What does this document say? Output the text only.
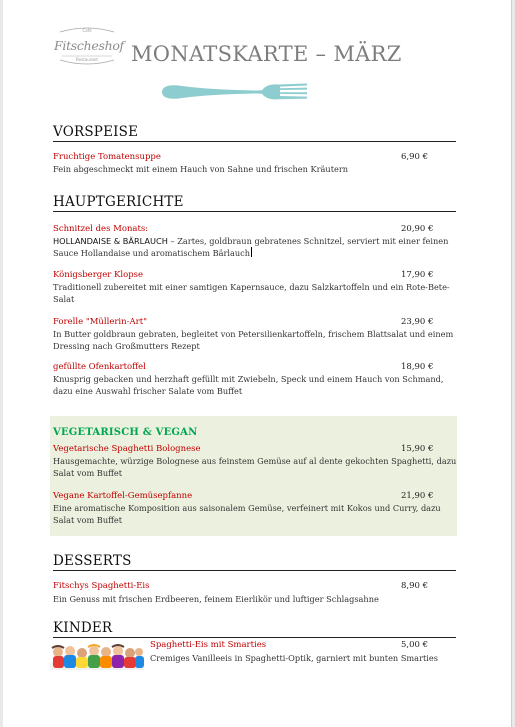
Café
Fitscheshof
Restaurant	MONATSKARTE – MÄRZ
VORSPEISE
Fruchtige Tomatensuppe	6,90 €
Fein abgeschmeckt mit einem Hauch von Sahne und frischen Kräutern
HAUPTGERICHTE
Schnitzel des Monats:	20,90 €
HOLLANDAISE & BÄRLAUCH – Zartes, goldbraun gebratenes Schnitzel, serviert mit einer feinen Sauce Hollandaise und aromatischem Bärlauch
Königsberger Klopse	17,90 €
Traditionell zubereitet mit einer samtigen Kapernsauce, dazu Salzkartoffeln und ein Rote-Bete-Salat
Forelle "Müllerin-Art"	23,90 €
In Butter goldbraun gebraten, begleitet von Petersilienkartoffeln, frischem Blattsalat und einem Dressing nach Großmutters Rezept
gefüllte Ofenkartoffel	18,90 €
Knusprig gebacken und herzhaft gefüllt mit Zwiebeln, Speck und einem Hauch von Schmand, dazu eine Auswahl frischer Salate vom Buffet
VEGETARISCH & VEGAN
Vegetarische Spaghetti Bolognese	15,90 €
Hausgemachte, würzige Bolognese aus feinstem Gemüse auf al dente gekochten Spaghetti, dazu Salat vom Buffet
Vegane Kartoffel-Gemüsepfanne	21,90 €
Eine aromatische Komposition aus saisonalem Gemüse, verfeinert mit Kokos und Curry, dazu Salat vom Buffet
DESSERTS
Fitschys Spaghetti-Eis	8,90 €
Ein Genuss mit frischen Erdbeeren, feinem Eierlikör und luftiger Schlagsahne
KINDER
Spaghetti-Eis mit Smarties	5,00 €
Cremiges Vanilleeis in Spaghetti-Optik, garniert mit bunten Smarties
